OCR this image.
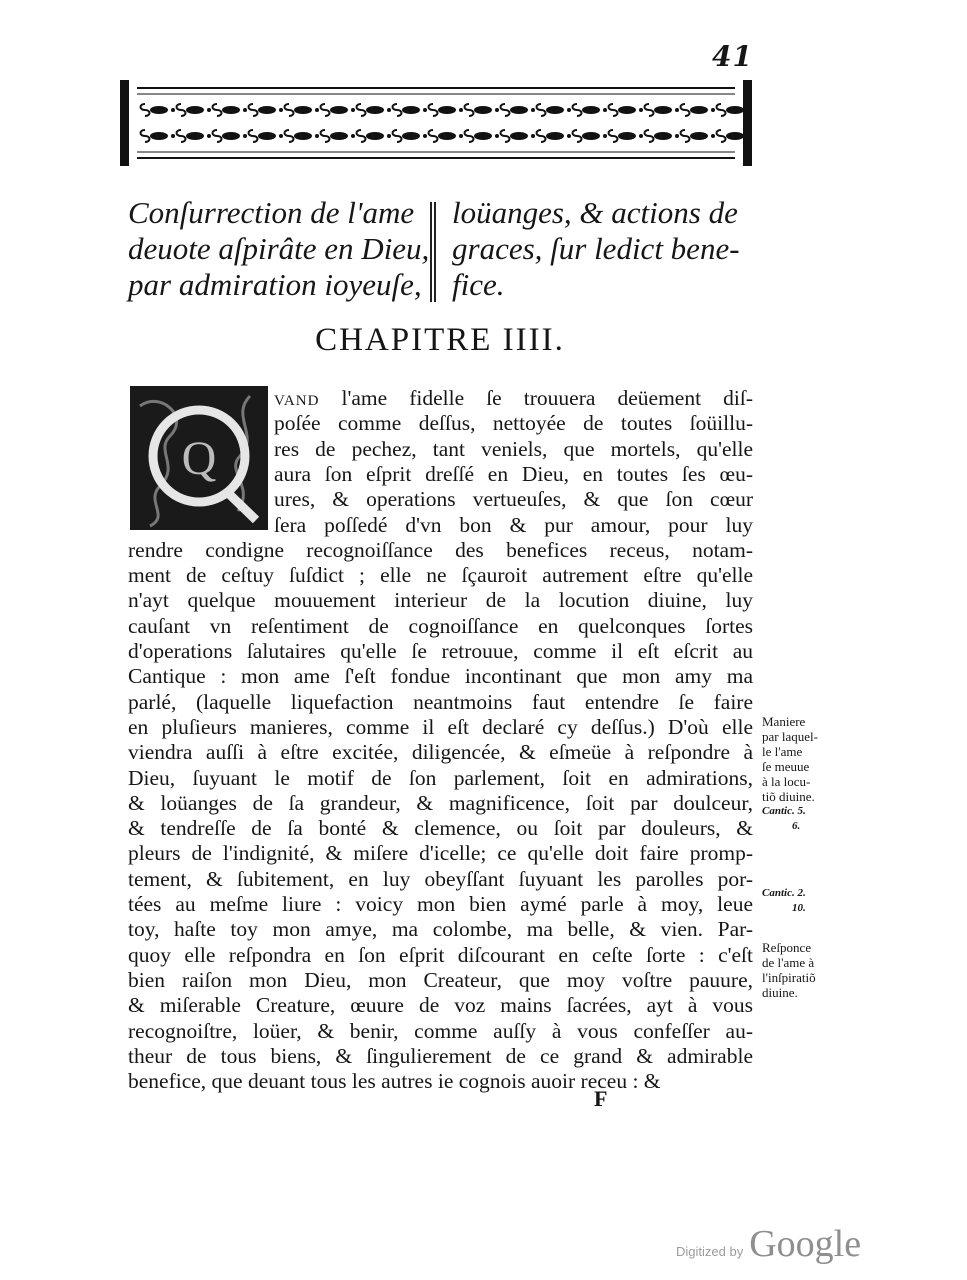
41
Conſurrection de l'ame
deuote aſpirâte en Dieu,
par admiration ioyeuſe,
loüanges, & actions de
graces, ſur ledict bene-
fice.
CHAPITRE IIII.
Q
vand l'ame fidelle ſe trouuera deüement diſ-
poſée comme deſſus, nettoyée de toutes ſoüillu-
res de pechez, tant veniels, que mortels, qu'elle
aura ſon eſprit dreſſé en Dieu, en toutes ſes œu-
ures, & operations vertueuſes, & que ſon cœur
ſera poſſedé d'vn bon & pur amour, pour luy
rendre condigne recognoiſſance des benefices receus, notam-
ment de ceſtuy ſuſdict ; elle ne ſçauroit autrement eſtre qu'elle
n'ayt quelque mouuement interieur de la locution diuine, luy
cauſant vn reſentiment de cognoiſſance en quelconques ſortes
d'operations ſalutaires qu'elle ſe retrouue, comme il eſt eſcrit au
Cantique : mon ame ſ'eſt fondue incontinant que mon amy ma
parlé, (laquelle liquefaction neantmoins faut entendre ſe faire
en pluſieurs manieres, comme il eſt declaré cy deſſus.) D'où elle
viendra auſſi à eſtre excitée, diligencée, & eſmeüe à reſpondre à
Dieu, ſuyuant le motif de ſon parlement, ſoit en admirations,
& loüanges de ſa grandeur, & magnificence, ſoit par doulceur,
& tendreſſe de ſa bonté & clemence, ou ſoit par douleurs, &
pleurs de l'indignité, & miſere d'icelle; ce qu'elle doit faire promp-
tement, & ſubitement, en luy obeyſſant ſuyuant les parolles por-
tées au meſme liure : voicy mon bien aymé parle à moy, leue
toy, haſte toy mon amye, ma colombe, ma belle, & vien. Par-
quoy elle reſpondra en ſon eſprit diſcourant en ceſte ſorte : c'eſt
bien raiſon mon Dieu, mon Createur, que moy voſtre pauure,
& miſerable Creature, œuure de voz mains ſacrées, ayt à vous
recognoiſtre, loüer, & benir, comme auſſy à vous confeſſer au-
theur de tous biens, & ſingulierement de ce grand & admirable
benefice, que deuant tous les autres ie cognois auoir receu : &
Maniere
par laquel-
le l'ame
ſe meuue
à la locu-
tiõ diuine.
Cantic. 5.
6.
Cantic. 2.
10.
Reſponce
de l'ame à
l'inſpiratiõ
diuine.
F
Digitized by Google
